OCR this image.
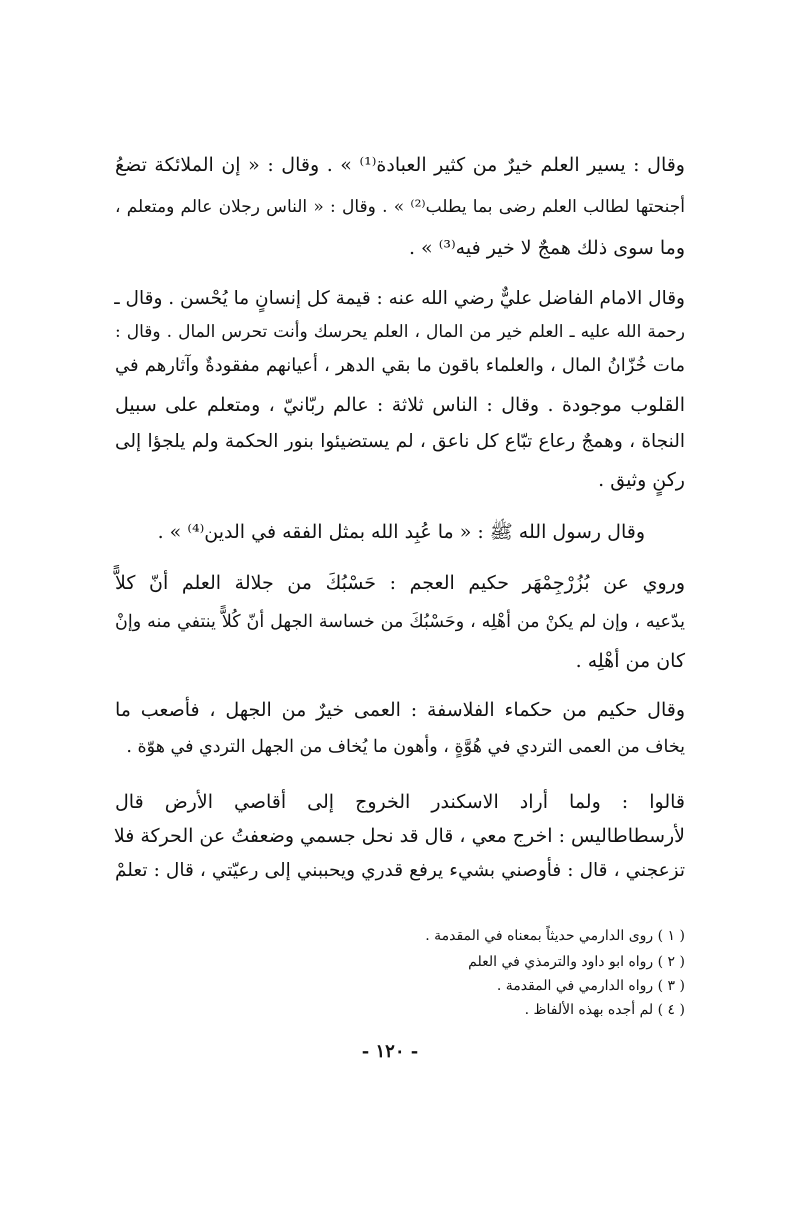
وقال : يسير العلم خيرٌ من كثير العبادة⁽¹⁾ » . وقال : « إن الملائكة تضعُ
أجنحتها لطالب العلم رضى بما يطلب⁽²⁾ » . وقال : « الناس رجلان عالم ومتعلم ،
وما سوى ذلك همجٌ لا خير فيه⁽³⁾ » .
وقال الامام الفاضل عليٌّ رضي الله عنه : قيمة كل إنسانٍ ما يُحْسن . وقال ـ
رحمة الله عليه ـ العلم خير من المال ، العلم يحرسك وأنت تحرس المال . وقال :
مات خُزّانُ المال ، والعلماء باقون ما بقي الدهر ، أعيانهم مفقودةٌ وآثارهم في
القلوب موجودة . وقال : الناس ثلاثة : عالم ربّانيّ ، ومتعلم على سبيل
النجاة ، وهمجٌ رعاع تبّاع كل ناعق ، لم يستضيئوا بنور الحكمة ولم يلجؤا إلى
ركنٍ وثيق .
وقال رسول الله ﷺ : « ما عُبِد الله بمثل الفقه في الدين⁽⁴⁾ » .
وروي عن بُزُرْجِمْهَر حكيم العجم : حَسْبُكَ من جلالة العلم أنّ كلاًّ
يدّعيه ، وإن لم يكنْ من أهْلِه ، وحَسْبُكَ من خساسة الجهل أنّ كُلاًّ ينتفي منه وإنْ
كان من أهْلِه .
وقال حكيم من حكماء الفلاسفة : العمى خيرٌ من الجهل ، فأصعب ما
يخاف من العمى التردي في هُوَّةٍ ، وأهون ما يُخاف من الجهل التردي في هوّة .
قالوا : ولما أراد الاسكندر الخروج إلى أقاصي الأرض قال
لأرسطاطاليس : اخرج معي ، قال قد نحل جسمي وضعفتُ عن الحركة فلا
تزعجني ، قال : فأوصني بشيء يرفع قدري ويحببني إلى رعيّتي ، قال : تعلمْ
( ١ ) روى الدارمي حديثاً بمعناه في المقدمة .
( ٢ ) رواه ابو داود والترمذي في العلم
( ٣ ) رواه الدارمي في المقدمة .
( ٤ ) لم أجده بهذه الألفاظ .
- ١٢٠ -
